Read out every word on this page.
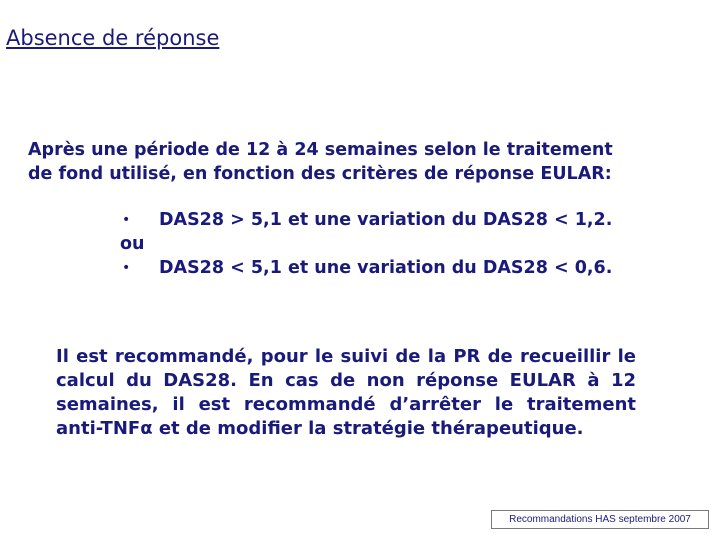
Absence de réponse
Après une période de 12 à 24 semaines selon le traitement
de fond utilisé, en fonction des critères de réponse EULAR:
• DAS28 > 5,1 et une variation du DAS28 < 1,2.
ou
• DAS28 < 5,1 et une variation du DAS28 < 0,6.
Il est recommandé, pour le suivi de la PR de recueillir le calcul du DAS28. En cas de non réponse EULAR à 12 semaines, il est recommandé d’arrêter le traitement anti-TNFα et de modifier la stratégie thérapeutique.
Recommandations HAS septembre 2007
